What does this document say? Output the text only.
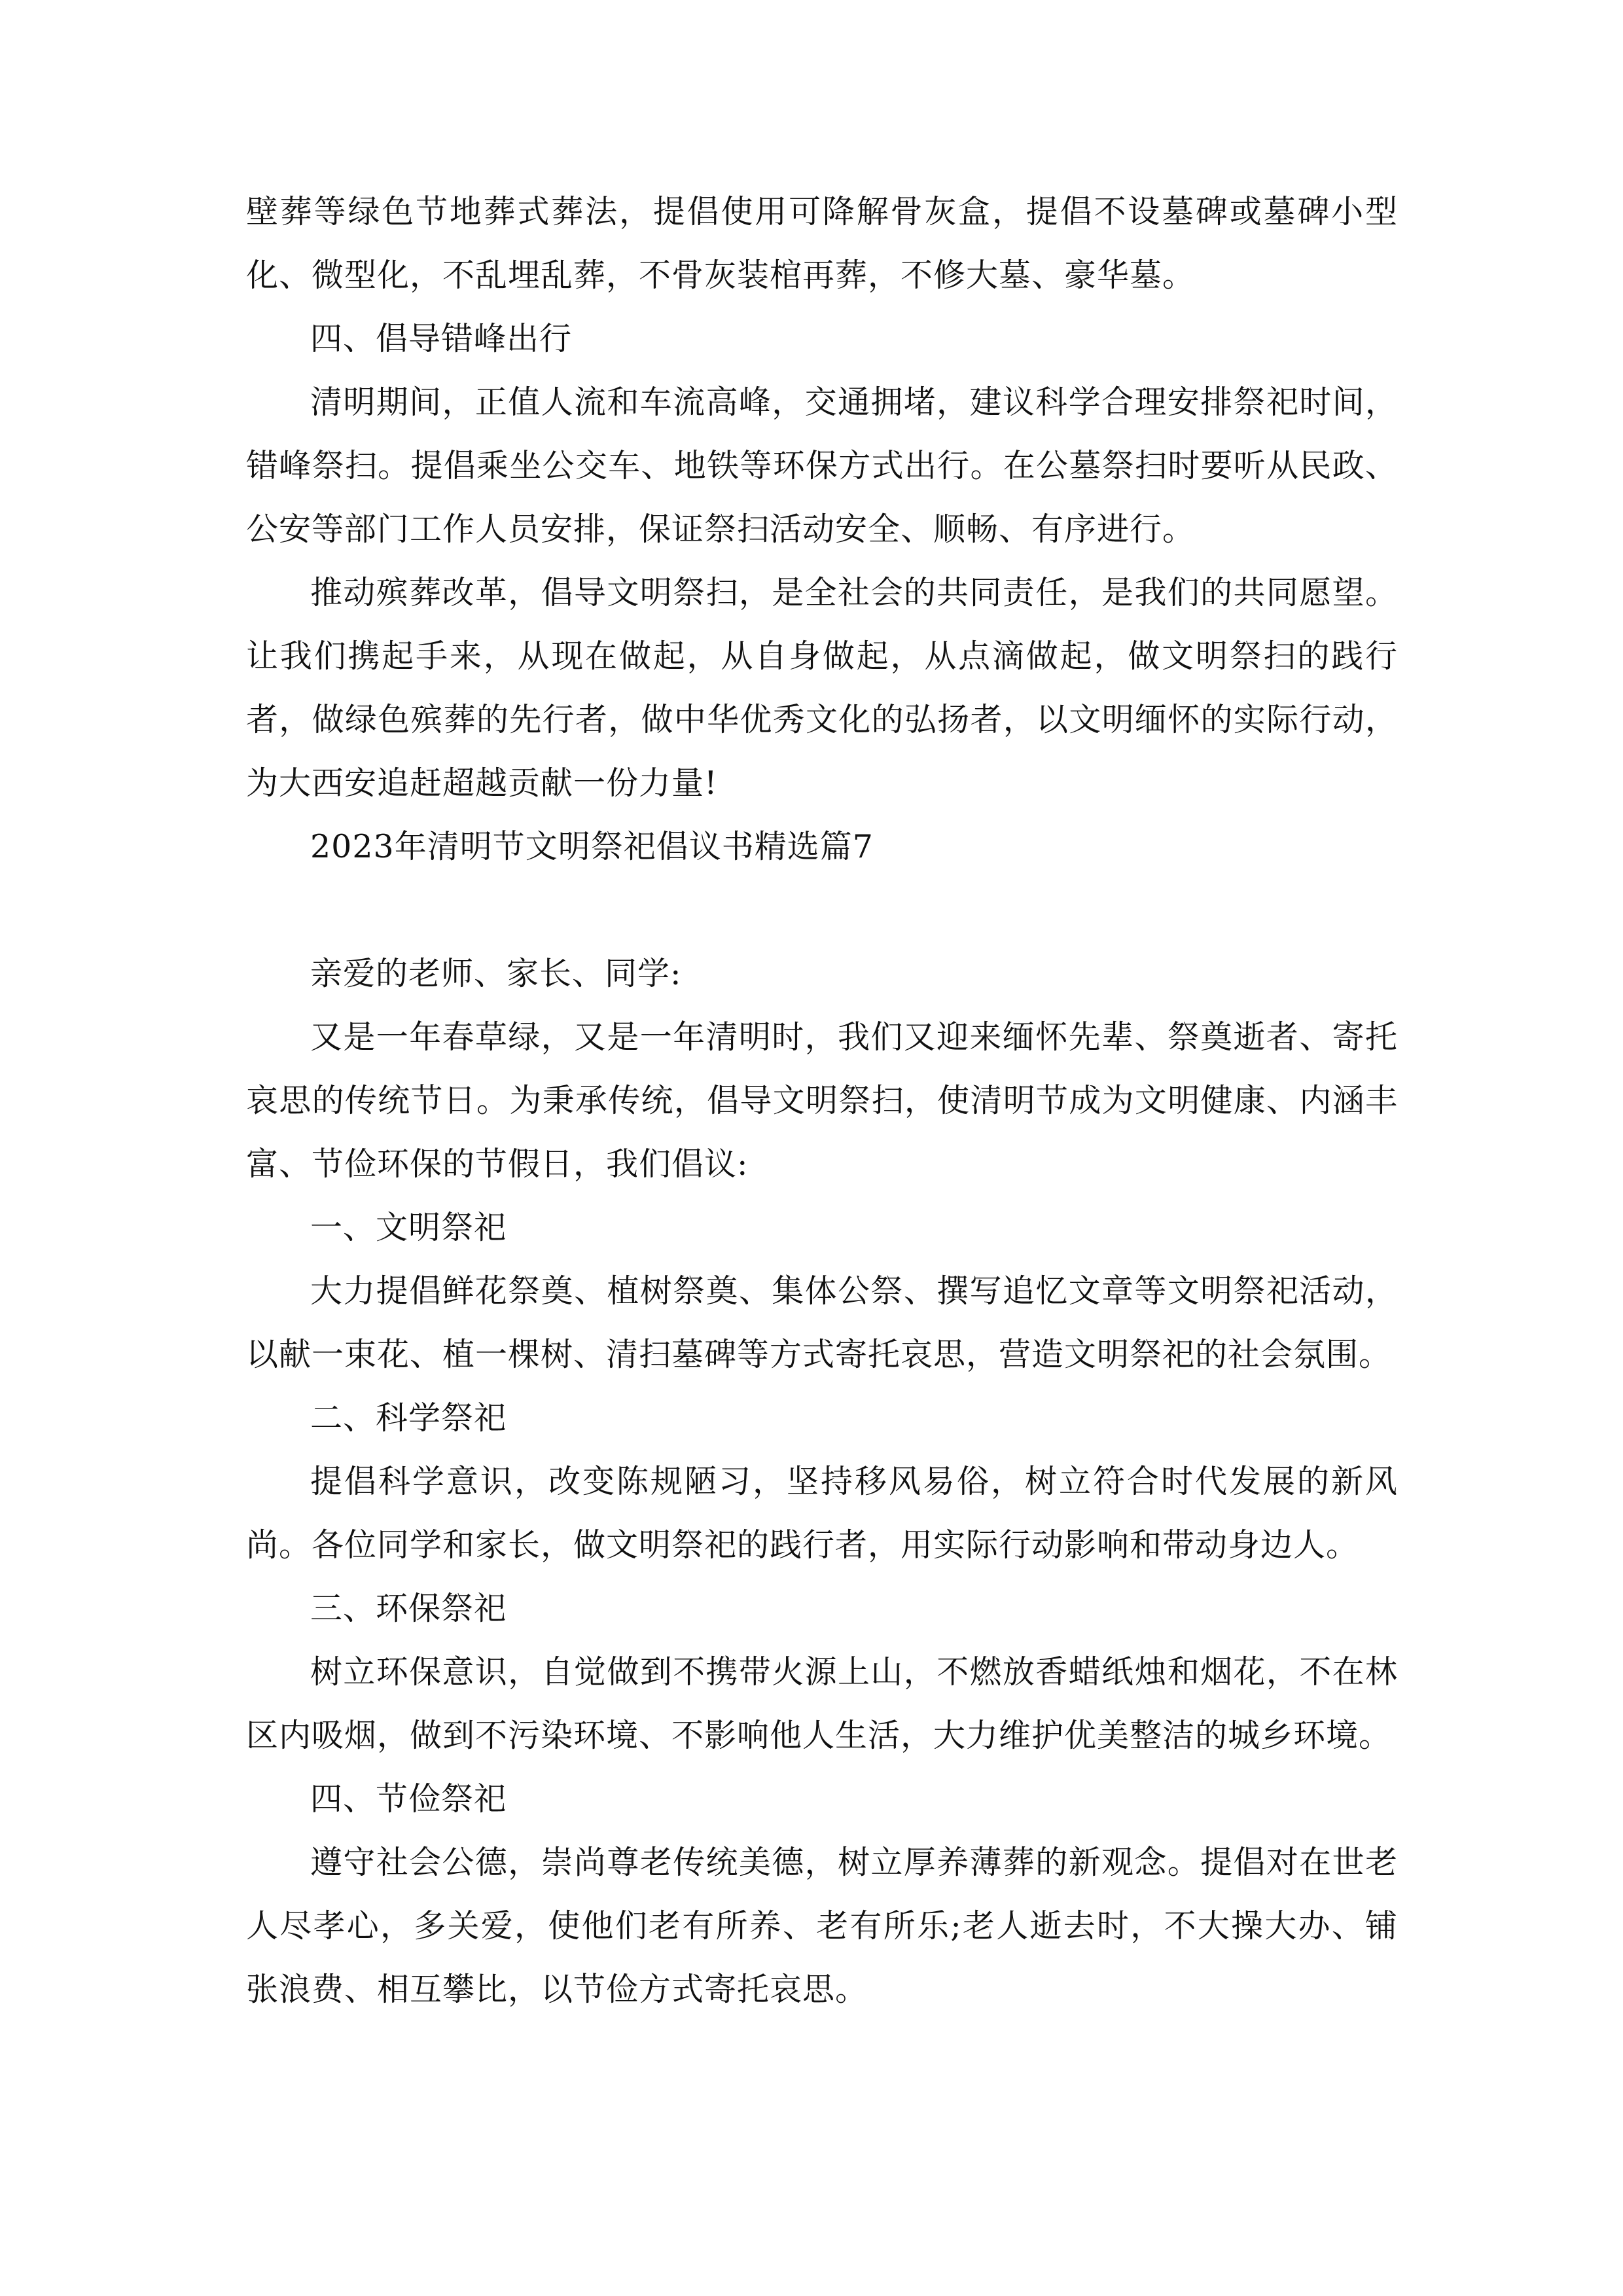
壁葬等绿色节地葬式葬法，提倡使用可降解骨灰盒，提倡不设墓碑或墓碑小型化、微型化，不乱埋乱葬，不骨灰装棺再葬，不修大墓、豪华墓。

四、倡导错峰出行

清明期间，正值人流和车流高峰，交通拥堵，建议科学合理安排祭祀时间，错峰祭扫。提倡乘坐公交车、地铁等环保方式出行。在公墓祭扫时要听从民政、公安等部门工作人员安排，保证祭扫活动安全、顺畅、有序进行。

推动殡葬改革，倡导文明祭扫，是全社会的共同责任，是我们的共同愿望。让我们携起手来，从现在做起，从自身做起，从点滴做起，做文明祭扫的践行者，做绿色殡葬的先行者，做中华优秀文化的弘扬者，以文明缅怀的实际行动，为大西安追赶超越贡献一份力量!

2023年清明节文明祭祀倡议书精选篇7

亲爱的老师、家长、同学:

又是一年春草绿，又是一年清明时，我们又迎来缅怀先辈、祭奠逝者、寄托哀思的传统节日。为秉承传统，倡导文明祭扫，使清明节成为文明健康、内涵丰富、节俭环保的节假日，我们倡议:

一、文明祭祀

大力提倡鲜花祭奠、植树祭奠、集体公祭、撰写追忆文章等文明祭祀活动，以献一束花、植一棵树、清扫墓碑等方式寄托哀思，营造文明祭祀的社会氛围。

二、科学祭祀

提倡科学意识，改变陈规陋习，坚持移风易俗，树立符合时代发展的新风尚。各位同学和家长，做文明祭祀的践行者，用实际行动影响和带动身边人。

三、环保祭祀

树立环保意识，自觉做到不携带火源上山，不燃放香蜡纸烛和烟花，不在林区内吸烟，做到不污染环境、不影响他人生活，大力维护优美整洁的城乡环境。

四、节俭祭祀

遵守社会公德，崇尚尊老传统美德，树立厚养薄葬的新观念。提倡对在世老人尽孝心，多关爱，使他们老有所养、老有所乐;老人逝去时，不大操大办、铺张浪费、相互攀比，以节俭方式寄托哀思。
